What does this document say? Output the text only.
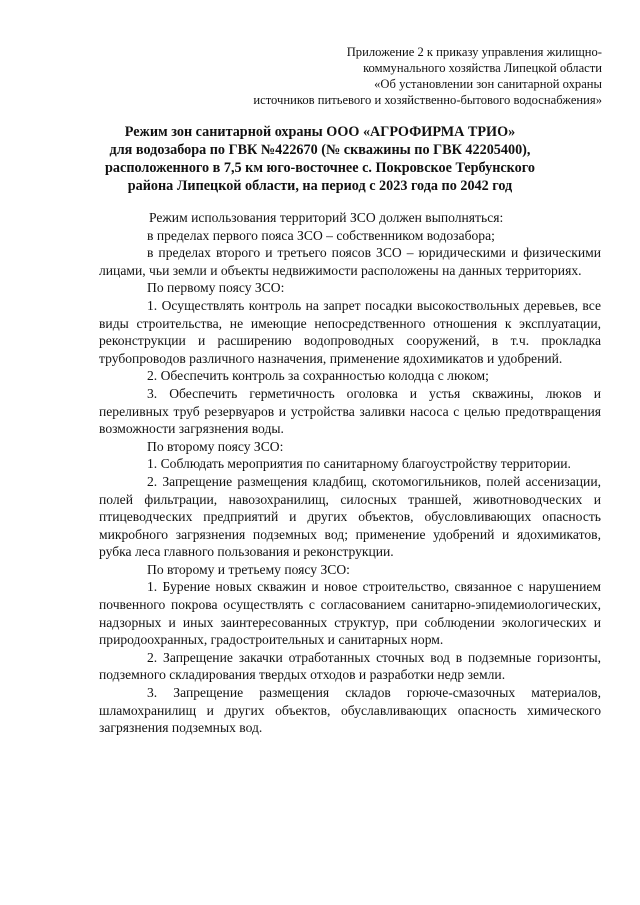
Приложение 2 к приказу управления жилищно-
коммунального хозяйства Липецкой области
«Об установлении зон санитарной охраны
источников питьевого и хозяйственно-бытового водоснабжения»
Режим зон санитарной охраны ООО «АГРОФИРМА ТРИО»
для водозабора по ГВК №422670 (№ скважины по ГВК 42205400),
расположенного в 7,5 км юго-восточнее с. Покровское Тербунского
района Липецкой области, на период с 2023 года по 2042 год

Режим использования территорий ЗСО должен выполняться:

в пределах первого пояса ЗСО – собственником водозабора;

в пределах второго и третьего поясов ЗСО – юридическими и физическими лицами, чьи земли и объекты недвижимости расположены на данных территориях.

По первому поясу ЗСО:

1. Осуществлять контроль на запрет посадки высокоствольных деревьев, все виды строительства, не имеющие непосредственного отношения к эксплуатации, реконструкции и расширению водопроводных сооружений, в т.ч. прокладка трубопроводов различного назначения, применение ядохимикатов и удобрений.

2. Обеспечить контроль за сохранностью колодца с люком;

3. Обеспечить герметичность оголовка и устья скважины, люков и переливных труб резервуаров и устройства заливки насоса с целью предотвращения возможности загрязнения воды.

По второму поясу ЗСО:

1. Соблюдать мероприятия по санитарному благоустройству территории.

2. Запрещение размещения кладбищ, скотомогильников, полей ассенизации, полей фильтрации, навозохранилищ, силосных траншей, животноводческих и птицеводческих предприятий и других объектов, обусловливающих опасность микробного загрязнения подземных вод; применение удобрений и ядохимикатов, рубка леса главного пользования и реконструкции.

По второму и третьему поясу ЗСО:

1. Бурение новых скважин и новое строительство, связанное с нарушением почвенного покрова осуществлять с согласованием санитарно-эпидемиологических, надзорных и иных заинтересованных структур, при соблюдении экологических и природоохранных, градостроительных и санитарных норм.

2. Запрещение закачки отработанных сточных вод в подземные горизонты, подземного складирования твердых отходов и разработки недр земли.

3. Запрещение размещения складов горюче-смазочных материалов, шламохранилищ и других объектов, обуславливающих опасность химического загрязнения подземных вод.
